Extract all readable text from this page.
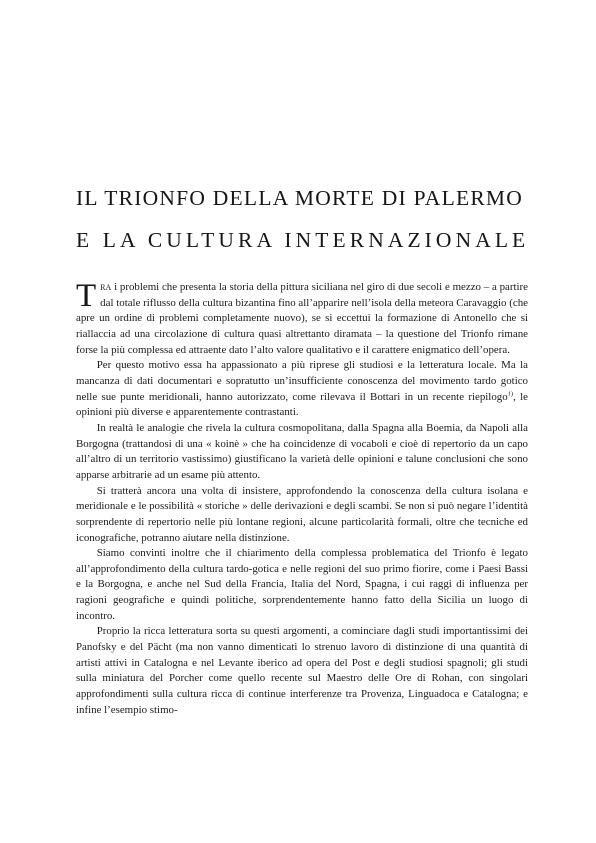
IL TRIONFO DELLA MORTE DI PALERMO
E LA CULTURA INTERNAZIONALE

Tra i problemi che presenta la storia della pittura siciliana nel giro di due secoli e mezzo – a partire dal totale riflusso della cultura bizantina fino all’apparire nell’isola della meteora Caravaggio (che apre un ordine di problemi completamente nuovo), se si eccettui la formazione di Antonello che si riallaccia ad una circolazione di cultura quasi altrettanto diramata – la questione del Trionfo rimane forse la più complessa ed attraente dato l’alto valore qualitativo e il carattere enigmatico dell’opera.

Per questo motivo essa ha appassionato a più riprese gli studiosi e la letteratura locale. Ma la mancanza di dati documentari e sopratutto un’insufficiente conoscenza del movimento tardo gotico nelle sue punte meridionali, hanno autorizzato, come rilevava il Bottari in un recente riepilogo$^{1)}$, le opinioni più diverse e apparentemente contrastanti.

In realtà le analogie che rivela la cultura cosmopolitana, dalla Spagna alla Boemia, da Napoli alla Borgogna (trattandosi di una « koinè » che ha coincidenze di vocaboli e cioè di repertorio da un capo all’altro di un territorio vastissimo) giustificano la varietà delle opinioni e talune conclusioni che sono apparse arbitrarie ad un esame più attento.

Si tratterà ancora una volta di insistere, approfondendo la conoscenza della cultura isolana e meridionale e le possibilità « storiche » delle derivazioni e degli scambi. Se non si può negare l’identità sorprendente di repertorio nelle più lontane regioni, alcune particolarità formali, oltre che tecniche ed iconografiche, potranno aiutare nella distinzione.

Siamo convinti inoltre che il chiarimento della complessa problematica del Trionfo è legato all’approfondimento della cultura tardo-gotica e nelle regioni del suo primo fiorire, come i Paesi Bassi e la Borgogna, e anche nel Sud della Francia, Italia del Nord, Spagna, i cui raggi di influenza per ragioni geografiche e quindi politiche, sorprendentemente hanno fatto della Sicilia un luogo di incontro.

Proprio la ricca letteratura sorta su questi argomenti, a cominciare dagli studi importantissimi dei Panofsky e del Pächt (ma non vanno dimenticati lo strenuo lavoro di distinzione di una quantità di artisti attivi in Catalogna e nel Levante iberico ad opera del Post e degli studiosi spagnoli; gli studi sulla miniatura del Porcher come quello recente sul Maestro delle Ore di Rohan, con singolari approfondimenti sulla cultura ricca di continue interferenze tra Provenza, Linguadoca e Catalogna; e infine l’esempio stimo-
